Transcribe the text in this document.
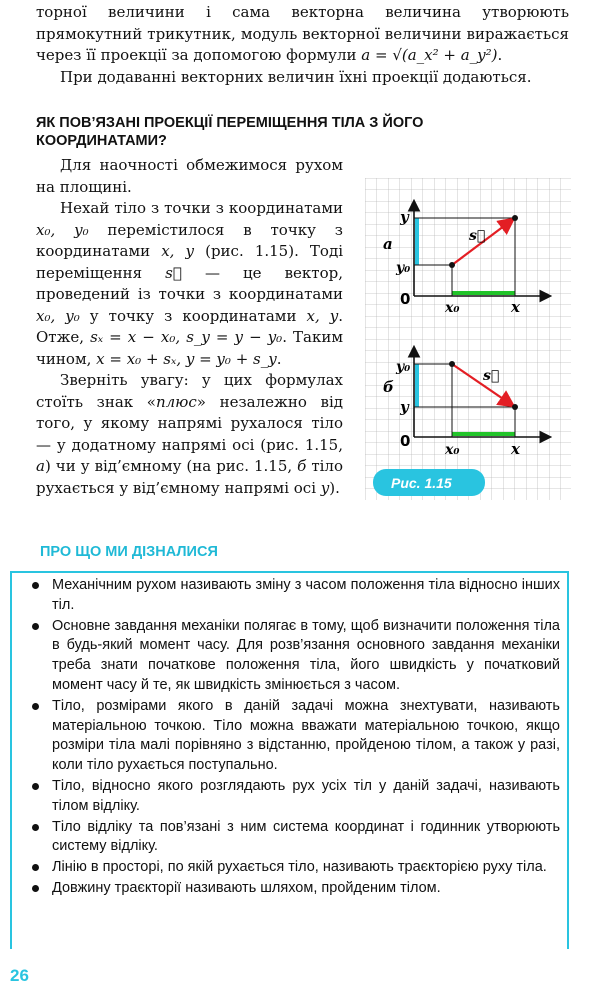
торної величини і сама векторна величина утворюють прямокутний трикутник, модуль векторної величини виражається через її проекції за допомогою формули a = √(a_x² + a_y²).

При додаванні векторних величин їхні проекції додаються.

ЯК ПОВ’ЯЗАНІ ПРОЕКЦІЇ ПЕРЕМІЩЕННЯ ТІЛА З ЙОГО КООРДИНАТАМИ?

Для наочності обмежимося рухом на площині.

Нехай тіло з точки з координатами x₀, y₀ перемістилося в точку з координатами x, y (рис. 1.15). Тоді переміщення s⃗ — це вектор, проведений із точки з координатами x₀, y₀ у точку з координатами x, y. Отже, sₓ = x − x₀, s_y = y − y₀. Таким чином, x = x₀ + sₓ, y = y₀ + s_y.

Зверніть увагу: у цих формулах стоїть знак «плюс» незалежно від того, у якому напрямі рухалося тіло — у додатному напрямі осі (рис. 1.15, а) чи у від’ємному (на рис. 1.15, б тіло рухається у від’ємному напрямі осі y).

а
y
y₀
0 x₀	x
s⃗
б
y₀
y
0 x₀	x
s⃗
Рис. 1.15
ПРО ЩО МИ ДІЗНАЛИСЯ
Механічним рухом називають зміну з часом положення тіла відносно інших тіл.
Основне завдання механіки полягає в тому, щоб визначити положення тіла в будь-який момент часу. Для розв’язання основного завдання механіки треба знати початкове положення тіла, його швидкість у початковий момент часу й те, як швидкість змінюється з часом.
Тіло, розмірами якого в даній задачі можна знехтувати, називають матеріальною точкою. Тіло можна вважати матеріальною точкою, якщо розміри тіла малі порівняно з відстанню, пройденою тілом, а також у разі, коли тіло рухається поступально.
Тіло, відносно якого розглядають рух усіх тіл у даній задачі, називають тілом відліку.
Тіло відліку та пов’язані з ним система координат і годинник утворюють систему відліку.
Лінію в просторі, по якій рухається тіло, називають траєкторією руху тіла.
Довжину траєкторії називають шляхом, пройденим тілом.
26
